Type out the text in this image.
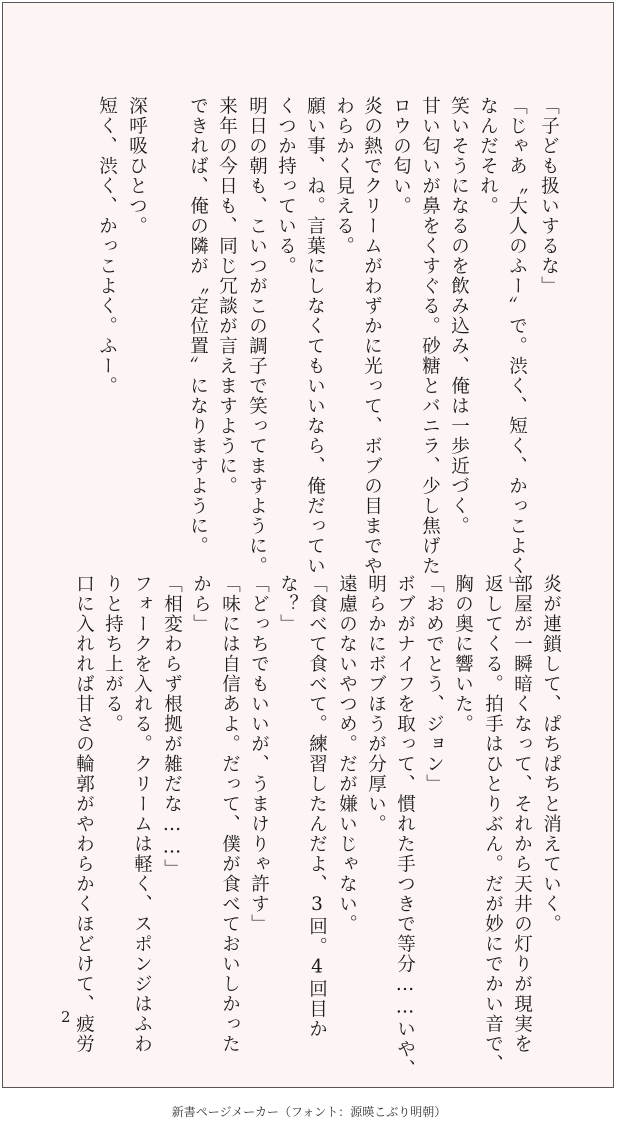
「子ども扱いするな」
「じゃあ〝大人のふー〟で。渋く、短く、かっこよく」
なんだそれ。
笑いそうになるのを飲み込み、俺は一歩近づく。
甘い匂いが鼻をくすぐる。砂糖とバニラ、少し焦げた
ロウの匂い。
炎の熱でクリームがわずかに光って、ボブの目までや
わらかく見える。
願い事、ね。言葉にしなくてもいいなら、俺だってい
くつか持っている。
明日の朝も、こいつがこの調子で笑ってますように。
来年の今日も、同じ冗談が言えますように。
できれば、俺の隣が〝定位置〟になりますように。
深呼吸ひとつ。
短く、渋く、かっこよく。ふー。
炎が連鎖して、ぱちぱちと消えていく。
部屋が一瞬暗くなって、それから天井の灯りが現実を
返してくる。拍手はひとりぶん。だが妙にでかい音で、
胸の奥に響いた。
「おめでとう、ジョン」
ボブがナイフを取って、慣れた手つきで等分……いや、
明らかにボブほうが分厚い。
遠慮のないやつめ。だが嫌いじゃない。
「食べて食べて。練習したんだよ、3回。4回目か
な？」
「どっちでもいいが、うまけりゃ許す」
「味には自信あよ。だって、僕が食べておいしかった
から」
「相変わらず根拠が雑だな……」
フォークを入れる。クリームは軽く、スポンジはふわ
りと持ち上がる。
口に入れれば甘さの輪郭がやわらかくほどけて、疲労
2
新書ページメーカー（フォント：源暎こぶり明朝）
